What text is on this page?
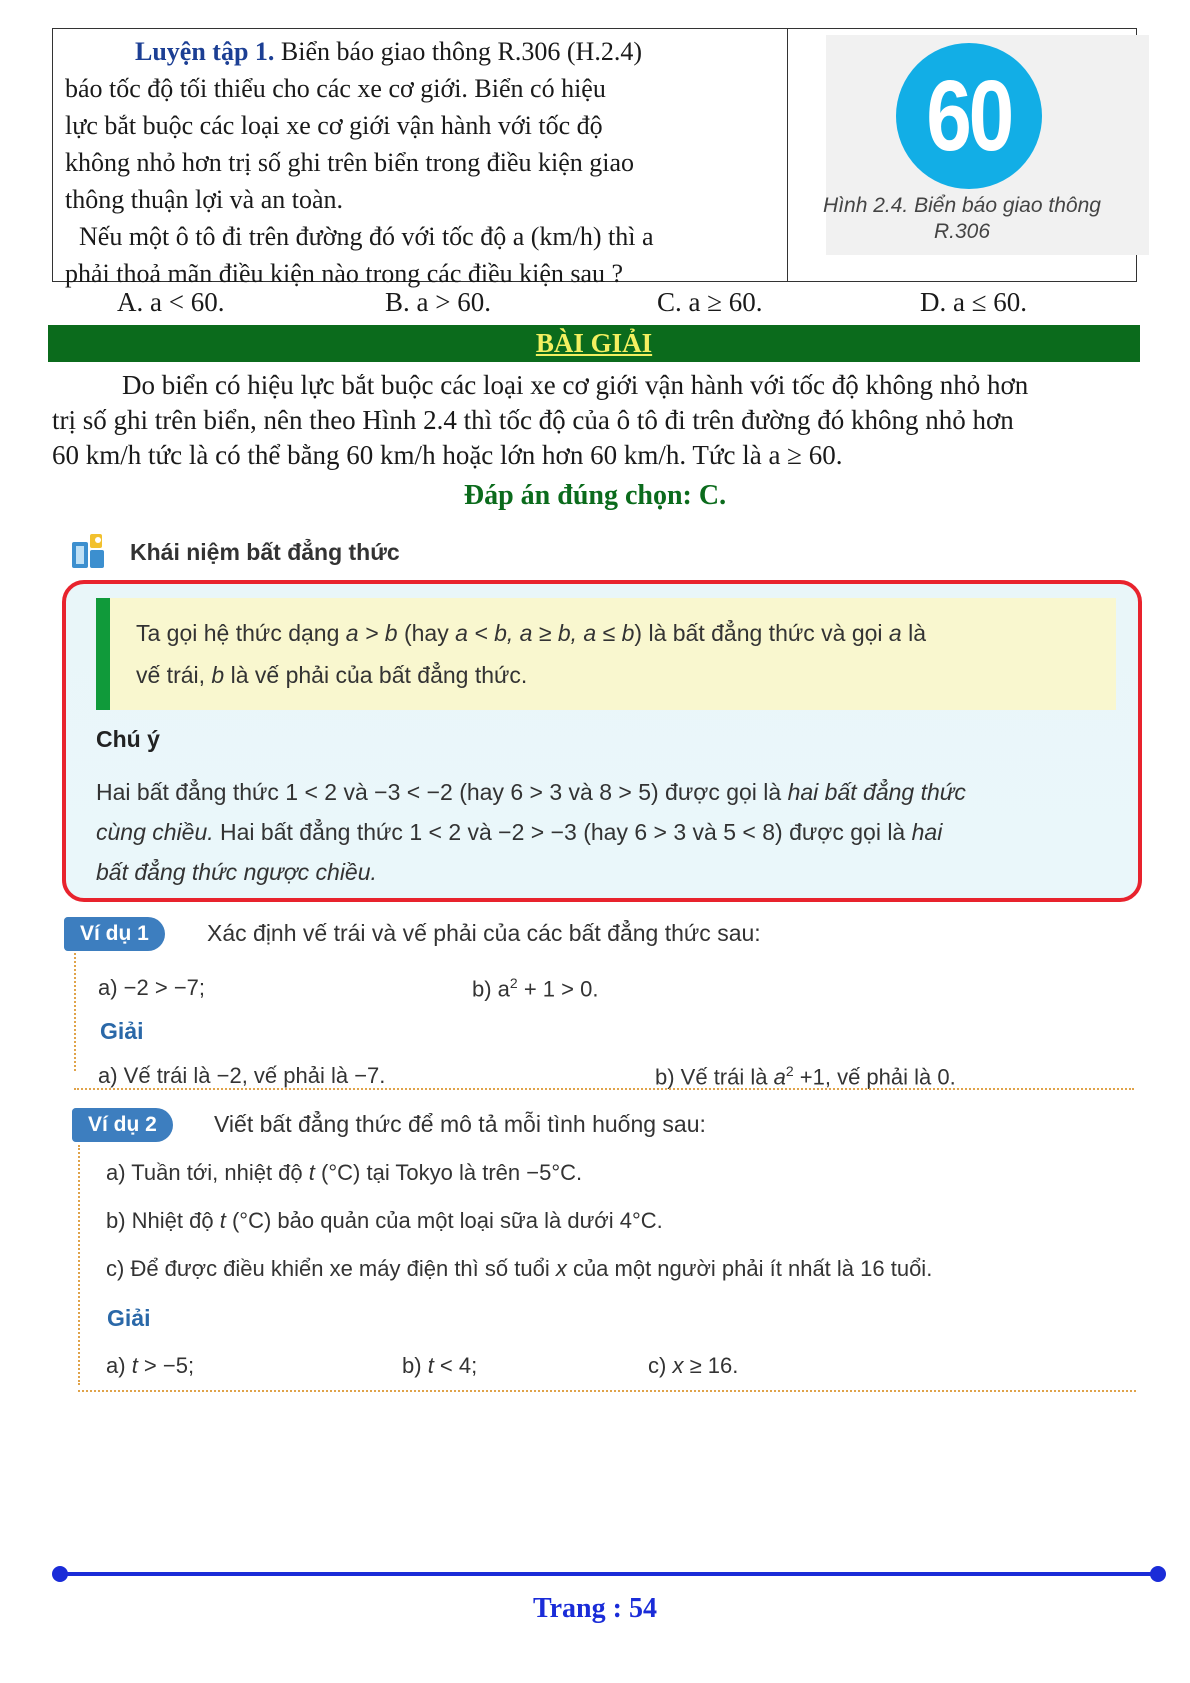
Luyện tập 1. Biển báo giao thông R.306 (H.2.4)

báo tốc độ tối thiểu cho các xe cơ giới. Biển có hiệu

lực bắt buộc các loại xe cơ giới vận hành với tốc độ

không nhỏ hơn trị số ghi trên biển trong điều kiện giao

thông thuận lợi và an toàn.

Nếu một ô tô đi trên đường đó với tốc độ a (km/h) thì a

phải thoả mãn điều kiện nào trong các điều kiện sau ?

60
Hình 2.4. Biển báo giao thông
R.306
A. a < 60.	B. a > 60.	C. a ≥ 60.	D. a ≤ 60.
BÀI GIẢI

Do biển có hiệu lực bắt buộc các loại xe cơ giới vận hành với tốc độ không nhỏ hơn

trị số ghi trên biển, nên theo Hình 2.4 thì tốc độ của ô tô đi trên đường đó không nhỏ hơn
60 km/h tức là có thể bằng 60 km/h hoặc lớn hơn 60 km/h. Tức là a ≥ 60.
Đáp án đúng chọn: C.
Khái niệm bất đẳng thức
Ta gọi hệ thức dạng a > b (hay a < b, a ≥ b, a ≤ b) là bất đẳng thức và gọi a là
vế trái, b là vế phải của bất đẳng thức.
Chú ý
Hai bất đẳng thức 1 < 2 và −3 < −2 (hay 6 > 3 và 8 > 5) được gọi là hai bất đẳng thức
cùng chiều. Hai bất đẳng thức 1 < 2 và −2 > −3 (hay 6 > 3 và 5 < 8) được gọi là hai
bất đẳng thức ngược chiều.
Ví dụ 1	Xác định vế trái và vế phải của các bất đẳng thức sau:
a) −2 > −7;	b) $a^2 + 1 > 0$.
Giải
a) Vế trái là −2, vế phải là −7.	b) Vế trái là $a^2 +1$, vế phải là 0.
Ví dụ 2	Viết bất đẳng thức để mô tả mỗi tình huống sau:
a) Tuần tới, nhiệt độ t (°C) tại Tokyo là trên −5°C.
b) Nhiệt độ t (°C) bảo quản của một loại sữa là dưới 4°C.
c) Để được điều khiển xe máy điện thì số tuổi x của một người phải ít nhất là 16 tuổi.
Giải
a) t > −5;	b) t < 4;	c) x ≥ 16.
Trang : 54
